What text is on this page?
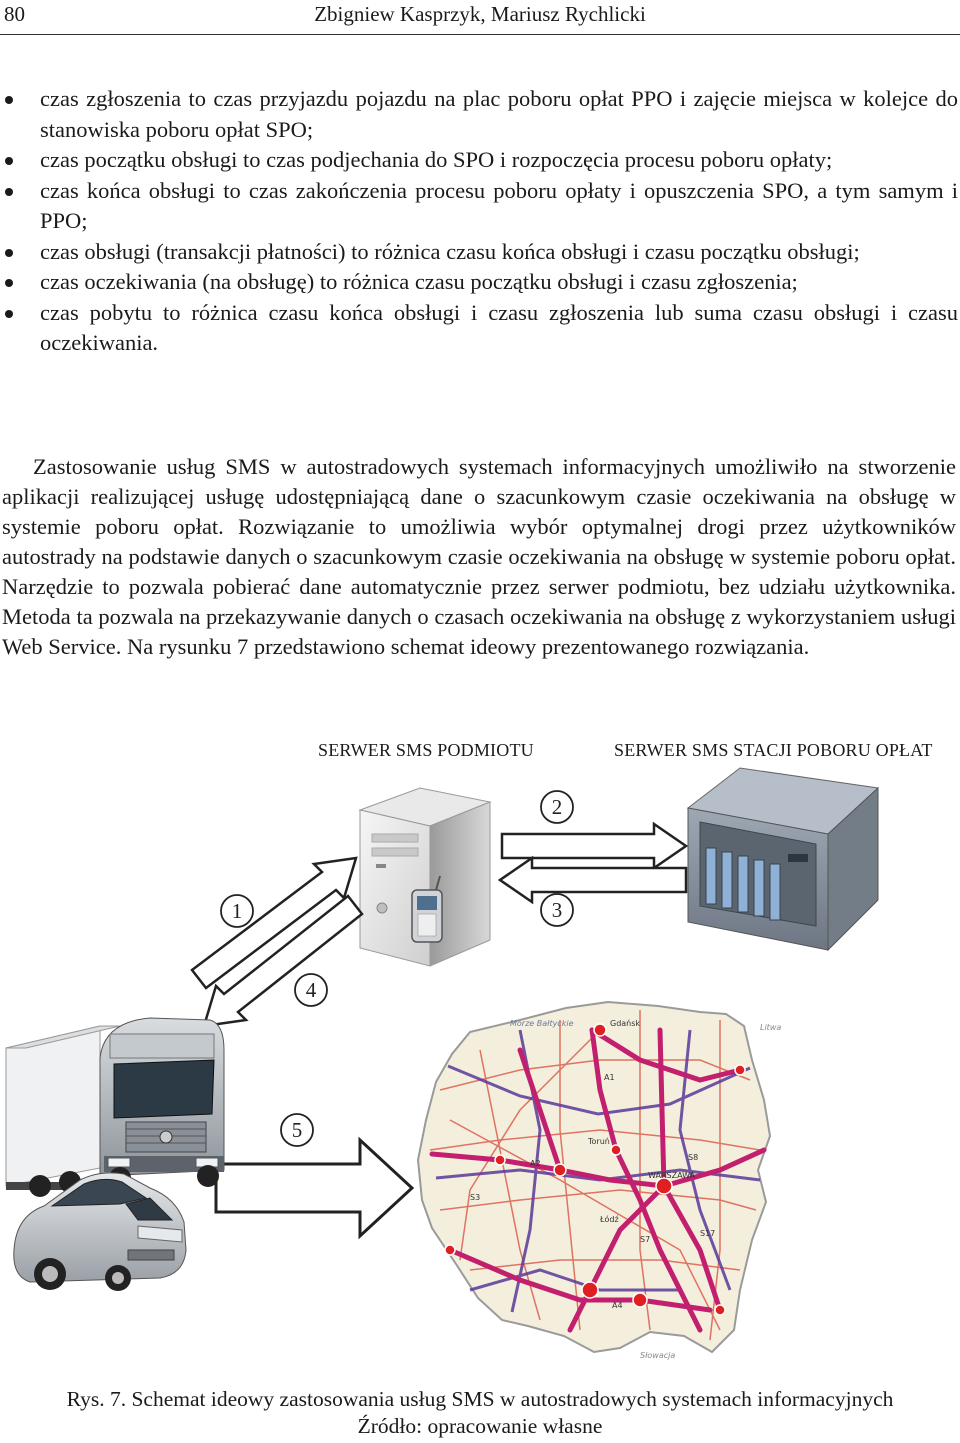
80	Zbigniew Kasprzyk, Mariusz Rychlicki
czas zgłoszenia to czas przyjazdu pojazdu na plac poboru opłat PPO i zajęcie miejsca w kolejce do stanowiska poboru opłat SPO;
czas początku obsługi to czas podjechania do SPO i rozpoczęcia procesu poboru opłaty;
czas końca obsługi to czas zakończenia procesu poboru opłaty i opuszczenia SPO, a tym samym i PPO;
czas obsługi (transakcji płatności) to różnica czasu końca obsługi i czasu początku obsługi;
czas oczekiwania (na obsługę) to różnica czasu początku obsługi i czasu zgłoszenia;
czas pobytu to różnica czasu końca obsługi i czasu zgłoszenia lub suma czasu obsługi i czasu oczekiwania.

Zastosowanie usług SMS w autostradowych systemach informacyjnych umożliwiło na stworzenie aplikacji realizującej usługę udostępniającą dane o szacunkowym czasie oczekiwania na obsługę w systemie poboru opłat. Rozwiązanie to umożliwia wybór optymalnej drogi przez użytkowników autostrady na podstawie danych o szacunkowym czasie oczekiwania na obsługę w systemie poboru opłat. Narzędzie to pozwala pobierać dane automatycznie przez serwer podmiotu, bez udziału użytkownika. Metoda ta pozwala na przekazywanie danych o czasach oczekiwania na obsługę z wykorzystaniem usługi Web Service. Na rysunku 7 przedstawiono schemat ideowy prezentowanego rozwiązania.

SERWER SMS PODMIOTU	SERWER SMS STACJI POBORU OPŁAT
2
1	3
4
5
Morze Bałtyckie	Gdańsk
Toruń
WARSZAWA
Łódź
Litwa
Słowacja
A1
A2
A4
S8
S7
S17
S3
Rys. 7. Schemat ideowy zastosowania usług SMS w autostradowych systemach informacyjnych
Źródło: opracowanie własne
